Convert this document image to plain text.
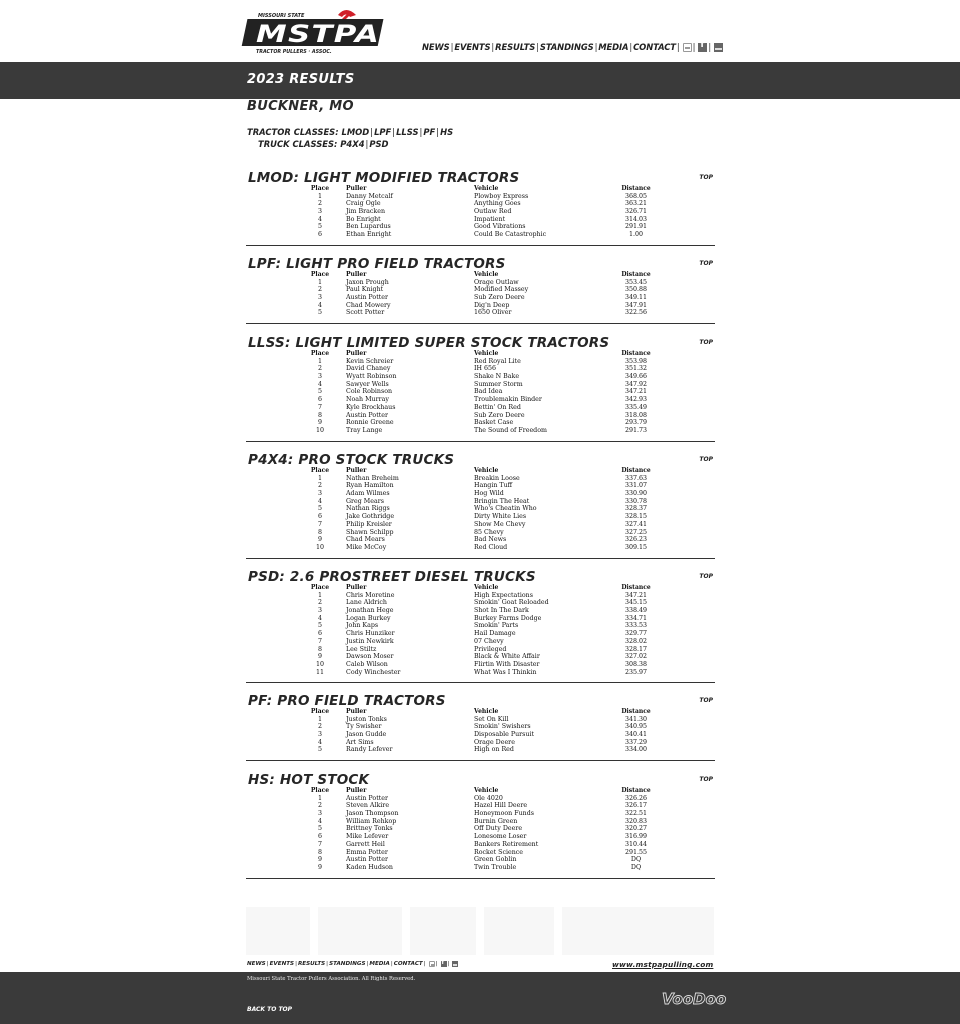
MISSOURI STATE
MSTPA
TRACTOR PULLERS · ASSOC.
NEWS | EVENTS | RESULTS | STANDINGS | MEDIA | CONTACT | | f |
2023 RESULTS
BUCKNER, MO
TRACTOR CLASSES: LMOD|LPF|LLSS|PF|HS
TRUCK CLASSES: P4X4|PSD
LMOD: LIGHT MODIFIED TRACTORS	TOP
Place	Puller	Vehicle	Distance
1	Danny Metcalf	Plowboy Express	368.05
2	Craig Ogle	Anything Goes	363.21
3	Jim Bracken	Outlaw Red	326.71
4	Bo Enright	Impatient	314.03
5	Ben Lupardus	Good Vibrations	291.91
6	Ethan Enright	Could Be Catastrophic	1.00
LPF: LIGHT PRO FIELD TRACTORS	TOP
Place	Puller	Vehicle	Distance
1	Jaxon Prough	Orage Outlaw	353.45
2	Paul Knight	Modified Massey	350.88
3	Austin Potter	Sub Zero Deere	349.11
4	Chad Mowery	Dig'n Deep	347.91
5	Scott Potter	1650 Oliver	322.56
LLSS: LIGHT LIMITED SUPER STOCK TRACTORS	TOP
Place	Puller	Vehicle	Distance
1	Kevin Schreier	Red Royal Lite	353.98
2	David Chaney	IH 656	351.32
3	Wyatt Robinson	Shake N Bake	349.66
4	Sawyer Wells	Summer Storm	347.92
5	Cole Robinson	Bad Idea	347.21
6	Noah Murray	Troublemakin Binder	342.93
7	Kyle Brockhaus	Bettin' On Red	335.49
8	Austin Potter	Sub Zero Deere	318.08
9	Ronnie Greene	Basket Case	293.79
10	Tray Lange	The Sound of Freedom	291.73
P4X4: PRO STOCK TRUCKS	TOP
Place	Puller	Vehicle	Distance
1	Nathan Breheim	Breakin Loose	337.63
2	Ryan Hamilton	Hangin Tuff	331.07
3	Adam Wilmes	Hog Wild	330.90
4	Greg Mears	Bringin The Heat	330.78
5	Nathan Riggs	Who's Cheatin Who	328.37
6	Jake Gothridge	Dirty White Lies	328.15
7	Philip Kreisler	Show Me Chevy	327.41
8	Shawn Schilpp	85 Chevy	327.25
9	Chad Mears	Bad News	326.23
10	Mike McCoy	Red Cloud	309.15
PSD: 2.6 PROSTREET DIESEL TRUCKS	TOP
Place	Puller	Vehicle	Distance
1	Chris Moretine	High Expectations	347.21
2	Lane Aldrich	Smokin' Goat Reloaded	345.15
3	Jonathan Hege	Shot In The Dark	338.49
4	Logan Burkey	Burkey Farms Dodge	334.71
5	John Kaps	Smokin' Parts	333.53
6	Chris Hunziker	Hail Damage	329.77
7	Justin Newkirk	07 Chevy	328.02
8	Lee Stiltz	Privileged	328.17
9	Dawson Moser	Black & White Affair	327.02
10	Caleb Wilson	Flirtin With Disaster	308.38
11	Cody Winchester	What Was I Thinkin	235.97
PF: PRO FIELD TRACTORS	TOP
Place	Puller	Vehicle	Distance
1	Juston Tonks	Set On Kill	341.30
2	Ty Swisher	Smokin' Swishers	340.95
3	Jason Gudde	Disposable Pursuit	340.41
4	Art Sims	Orage Deere	337.29
5	Randy Lefever	High on Red	334.00
HS: HOT STOCK	TOP
Place	Puller	Vehicle	Distance
1	Austin Potter	Ole 4020	326.26
2	Steven Alkire	Hazel Hill Deere	326.17
3	Jason Thompson	Honeymoon Funds	322.51
4	William Rehkop	Burnin Green	320.83
5	Brittney Tonks	Off Duty Deere	320.27
6	Mike Lefever	Lonesome Loser	316.99
7	Garrett Heil	Bankers Retirement	310.44
8	Emma Potter	Rocket Science	291.55
9	Austin Potter	Green Goblin	DQ
9	Kaden Hudson	Twin Trouble	DQ
NEWS | EVENTS | RESULTS | STANDINGS | MEDIA | CONTACT | | f |	www.mstpapulling.com
Missouri State Tractor Pullers Association. All Rights Reserved.
BACK TO TOP
VooDoo
